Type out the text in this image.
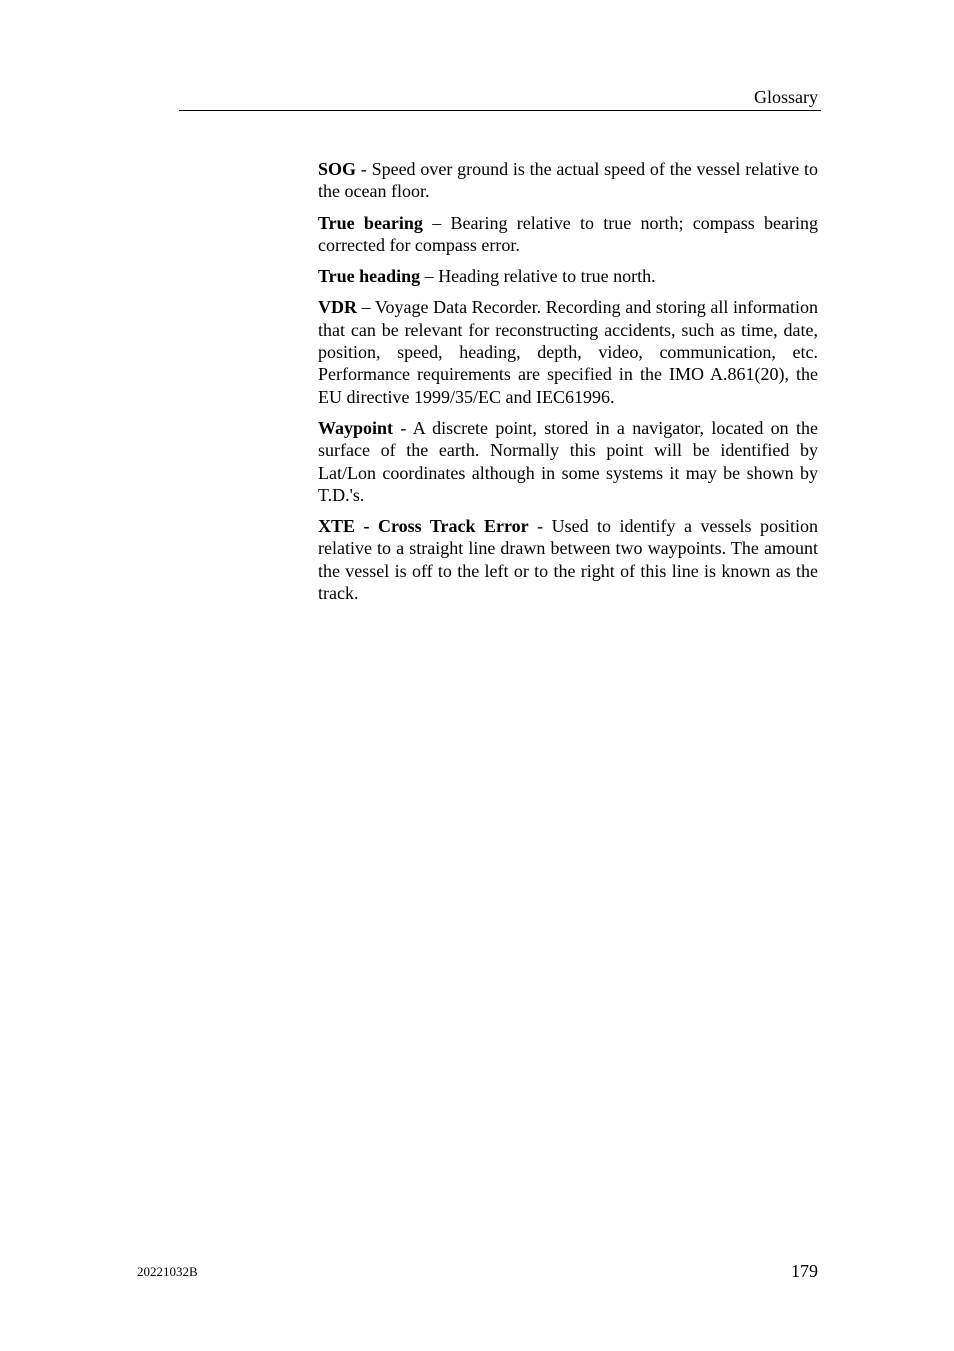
Glossary

SOG - Speed over ground is the actual speed of the vessel relative to the ocean floor.

True bearing – Bearing relative to true north; compass bearing corrected for compass error.

True heading – Heading relative to true north.

VDR – Voyage Data Recorder. Recording and storing all information that can be relevant for reconstructing accidents, such as time, date, position, speed, heading, depth, video, communication, etc. Performance requirements are specified in the IMO A.861(20), the EU directive 1999/35/EC and IEC61996.

Waypoint - A discrete point, stored in a navigator, located on the surface of the earth. Normally this point will be identified by Lat/Lon coordinates although in some systems it may be shown by T.D.'s.

XTE - Cross Track Error - Used to identify a vessels position relative to a straight line drawn between two waypoints. The amount the vessel is off to the left or to the right of this line is known as the track.

20221032B	179
